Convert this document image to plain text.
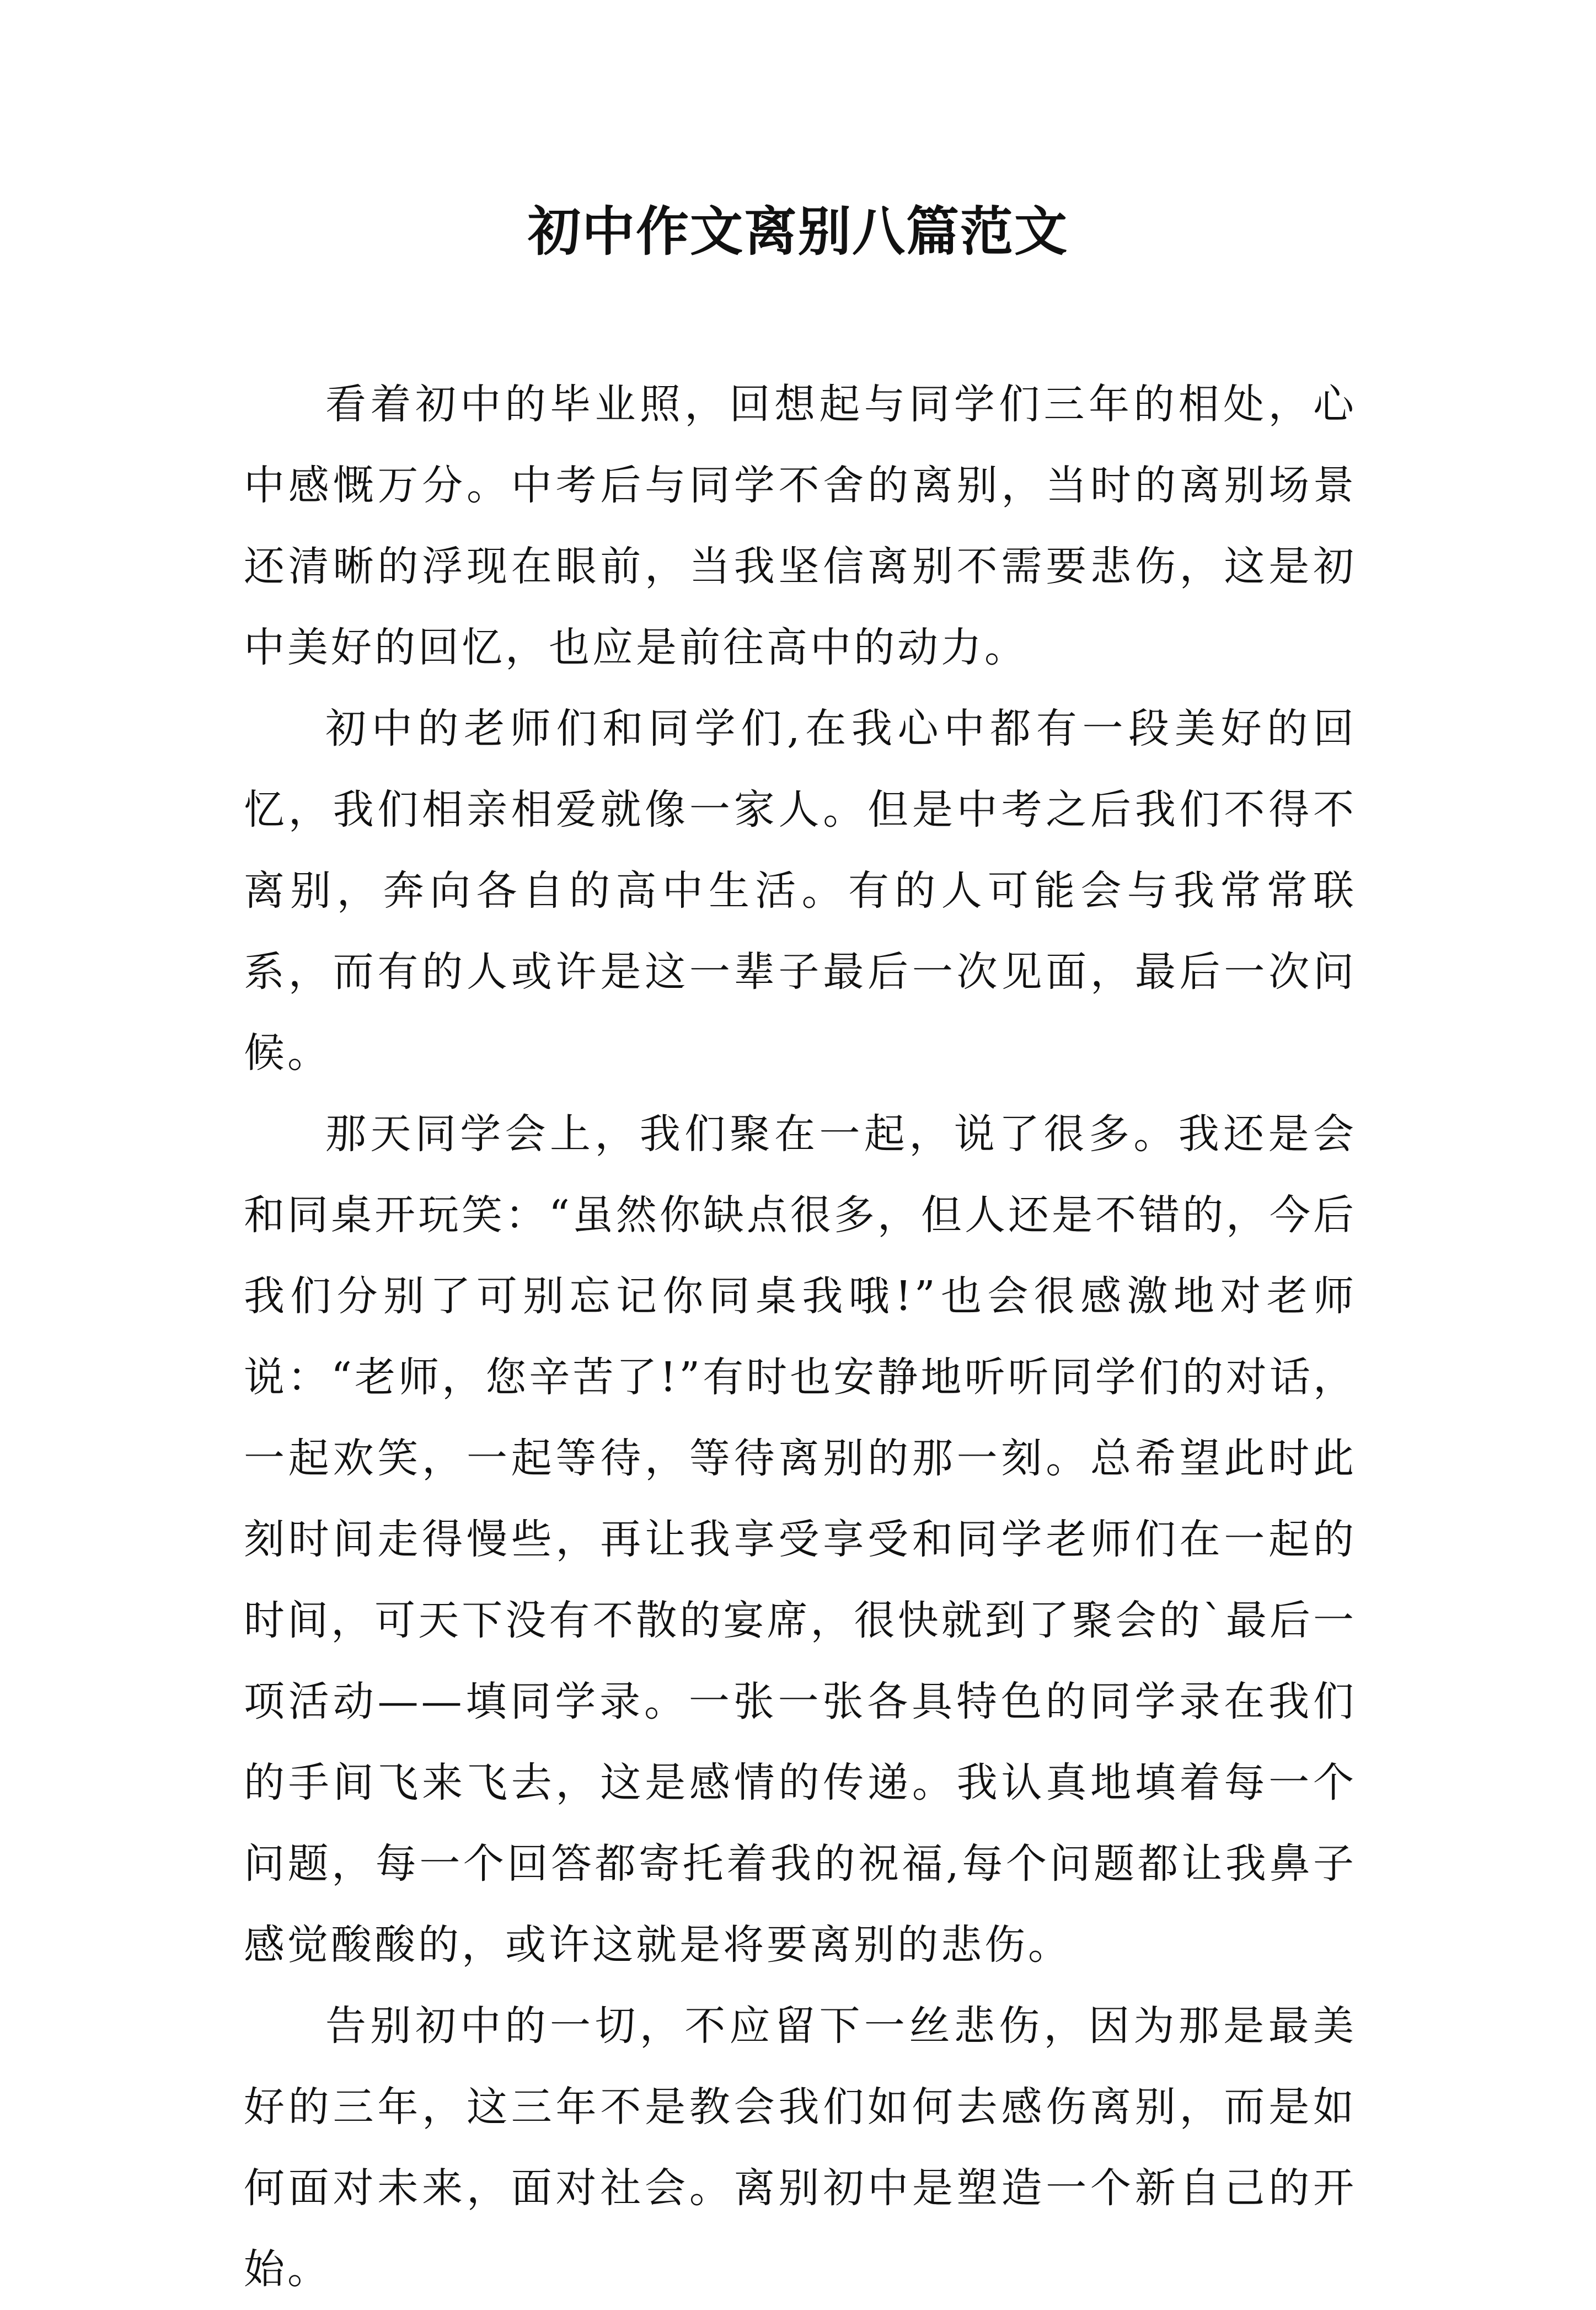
初中作文离别八篇范文

看着初中的毕业照，回想起与同学们三年的相处，心中感慨万分。中考后与同学不舍的离别，当时的离别场景还清晰的浮现在眼前，当我坚信离别不需要悲伤，这是初中美好的回忆，也应是前往高中的动力。

初中的老师们和同学们,在我心中都有一段美好的回忆，我们相亲相爱就像一家人。但是中考之后我们不得不离别，奔向各自的高中生活。有的人可能会与我常常联系，而有的人或许是这一辈子最后一次见面，最后一次问候。

那天同学会上，我们聚在一起，说了很多。我还是会和同桌开玩笑：“虽然你缺点很多，但人还是不错的，今后我们分别了可别忘记你同桌我哦!”也会很感激地对老师说：“老师，您辛苦了!”有时也安静地听听同学们的对话，一起欢笑，一起等待，等待离别的那一刻。总希望此时此刻时间走得慢些，再让我享受享受和同学老师们在一起的时间，可天下没有不散的宴席，很快就到了聚会的`最后一项活动——填同学录。一张一张各具特色的同学录在我们的手间飞来飞去，这是感情的传递。我认真地填着每一个问题，每一个回答都寄托着我的祝福,每个问题都让我鼻子感觉酸酸的，或许这就是将要离别的悲伤。

告别初中的一切，不应留下一丝悲伤，因为那是最美好的三年，这三年不是教会我们如何去感伤离别，而是如何面对未来，面对社会。离别初中是塑造一个新自己的开始。
